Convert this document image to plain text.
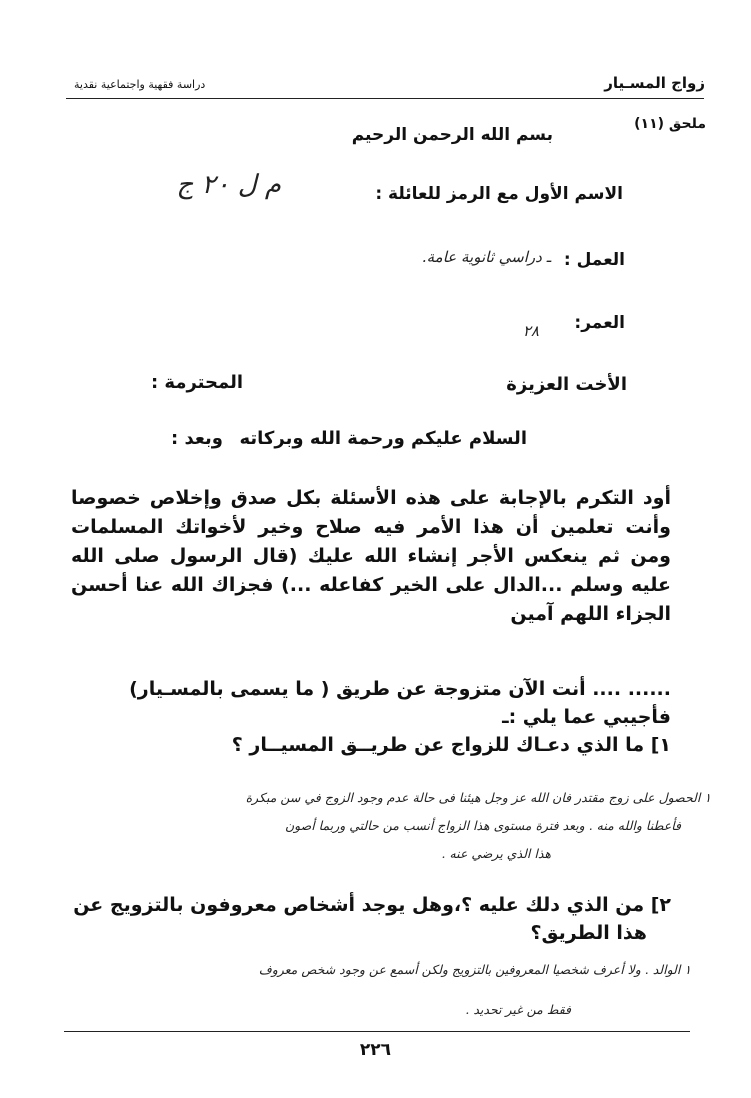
زواج المسـيار
دراسة فقهية واجتماعية نقدية
ملحق (١١)
بسم الله الرحمن الرحيم
الاسم الأول مع الرمز للعائلة :
م ل ٢٠ ج
العمل :
ـ دراسي ثانوية عامة.
العمر:
٢٨
الأخت العزيزة
المحترمة :
السلام عليكم ورحمة الله وبركاته
وبعد :
أود التكرم بالإجابة على هذه الأسئلة بكل صدق وإخلاص خصوصا وأنت تعلمين أن هذا الأمر فيه صلاح وخير لأخواتك المسلمات ومن ثم ينعكس الأجر إنشاء الله عليك (قال الرسول صلى الله عليه وسلم ...الدال على الخير كفاعله ...) فجزاك الله عنا أحسن الجزاء اللهم آمين
...... .... أنت الآن متزوجة عن طريق ( ما يسمى بالمسـيار)
فأجيبي عما يلي :ـ
١] ما الذي دعـاك للزواج عن طريــق المسيــار ؟
١ الحصول على زوج مقتدر فان الله عز وجل هيئنا فى حالة عدم وجود الزوج في سن مبكرة
فأعطنا والله منه . وبعد فترة مستوى هذا الزواج أنسب من حالتي وربما أصون
هذا الذي يرضي عنه .
٢] من الذي دلك عليه ؟،وهل يوجد أشخاص معروفون بالتزويج عن
هذا الطريق؟
١ الوالد . ولا أعرف شخصيا المعروفين بالتزويج ولكن أسمع عن وجود شخص معروف
فقط من غير تحديد .
٢٢٦
